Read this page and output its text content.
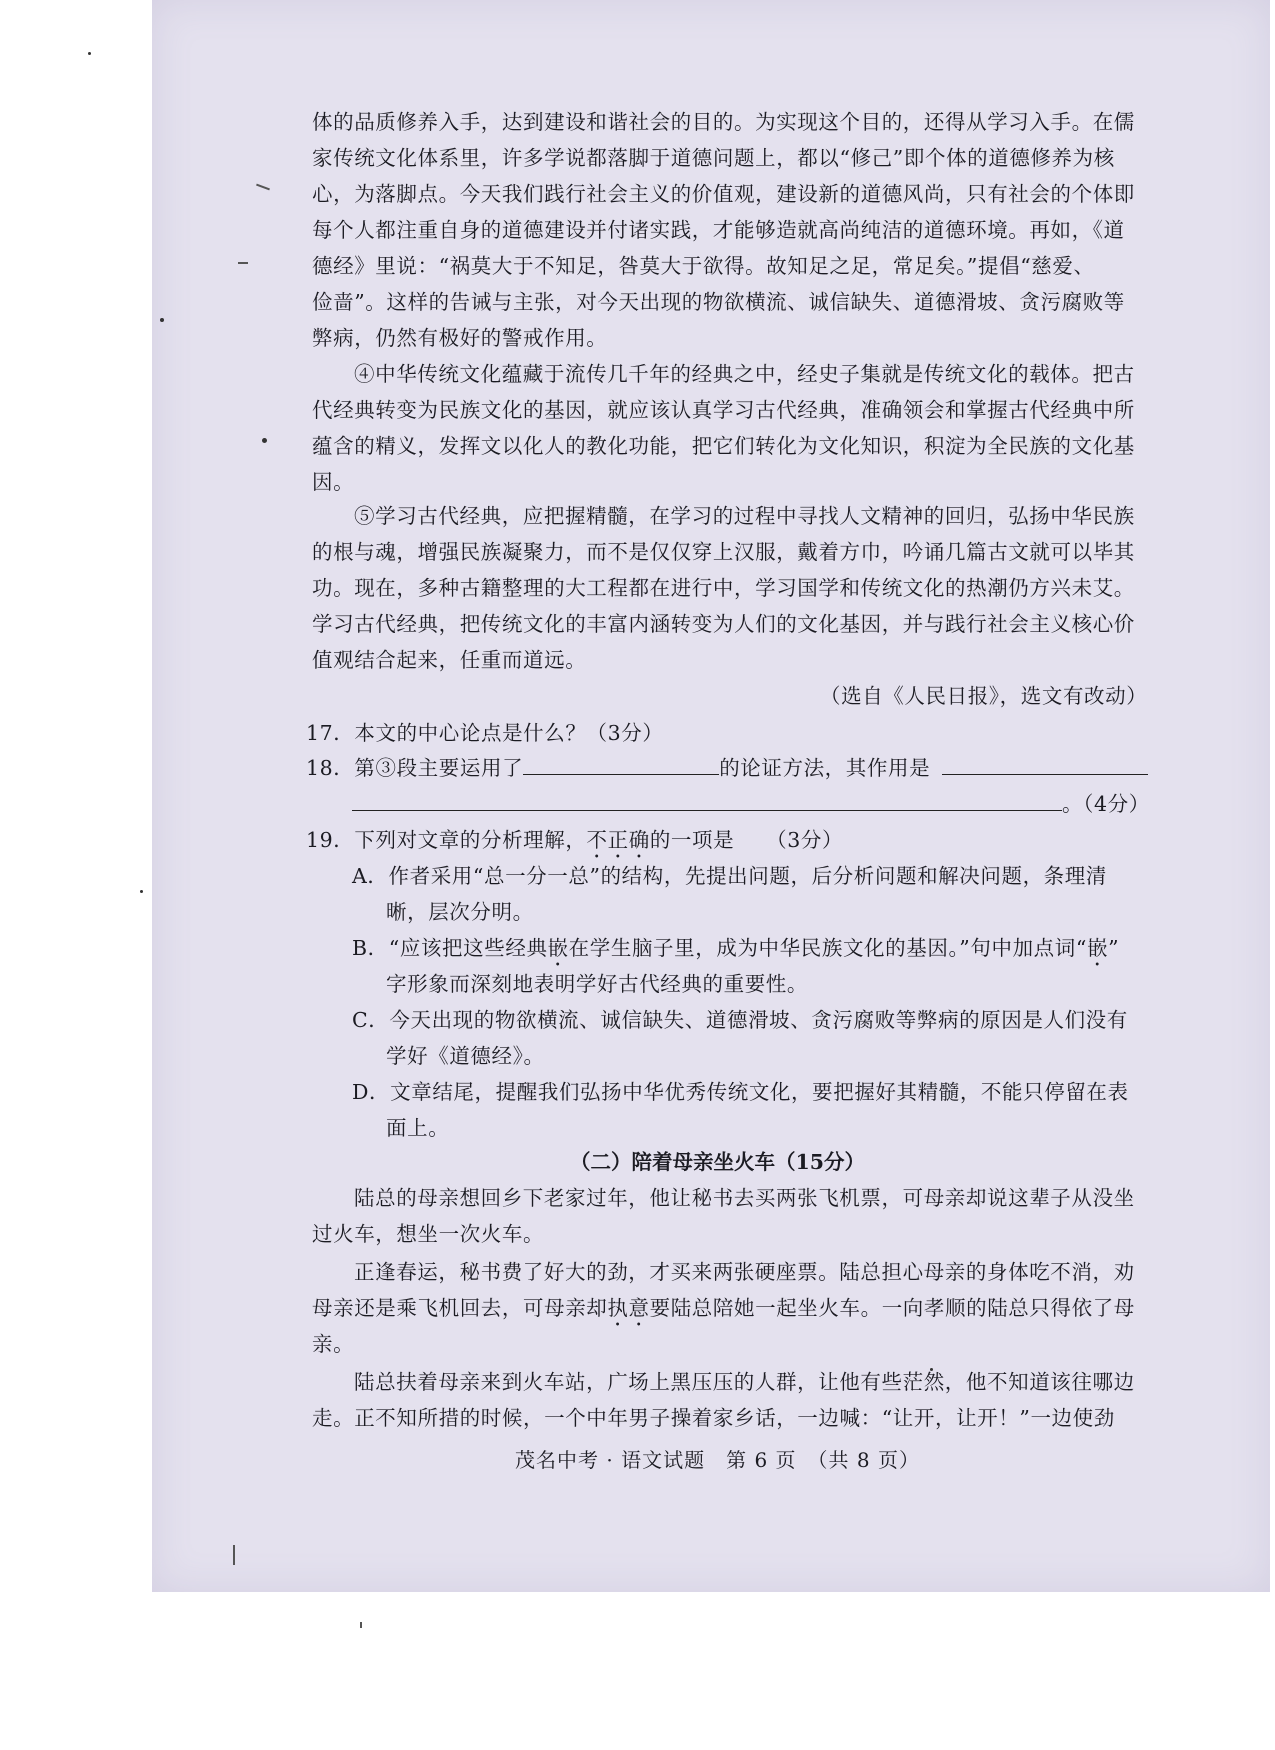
体的品质修养入手，达到建设和谐社会的目的。为实现这个目的，还得从学习入手。在儒
家传统文化体系里，许多学说都落脚于道德问题上，都以“修己”即个体的道德修养为核
心，为落脚点。今天我们践行社会主义的价值观，建设新的道德风尚，只有社会的个体即
每个人都注重自身的道德建设并付诸实践，才能够造就高尚纯洁的道德环境。再如，《道
德经》里说：“祸莫大于不知足，咎莫大于欲得。故知足之足，常足矣。”提倡“慈爱、
俭啬”。这样的告诫与主张，对今天出现的物欲横流、诚信缺失、道德滑坡、贪污腐败等
弊病，仍然有极好的警戒作用。
④中华传统文化蕴藏于流传几千年的经典之中，经史子集就是传统文化的载体。把古
代经典转变为民族文化的基因，就应该认真学习古代经典，准确领会和掌握古代经典中所
蕴含的精义，发挥文以化人的教化功能，把它们转化为文化知识，积淀为全民族的文化基
因。
⑤学习古代经典，应把握精髓，在学习的过程中寻找人文精神的回归，弘扬中华民族
的根与魂，增强民族凝聚力，而不是仅仅穿上汉服，戴着方巾，吟诵几篇古文就可以毕其
功。现在，多种古籍整理的大工程都在进行中，学习国学和传统文化的热潮仍方兴未艾。
学习古代经典，把传统文化的丰富内涵转变为人们的文化基因，并与践行社会主义核心价
值观结合起来，任重而道远。
（选自《人民日报》，选文有改动）
17．本文的中心论点是什么？（3分）
18．第③段主要运用了	的论证方法，其作用是
。（4分）
19．下列对文章的分析理解，不正确的一项是　　（3分）
A．作者采用“总一分一总”的结构，先提出问题，后分析问题和解决问题，条理清
晰，层次分明。
B．“应该把这些经典嵌在学生脑子里，成为中华民族文化的基因。”句中加点词“嵌”
字形象而深刻地表明学好古代经典的重要性。
C．今天出现的物欲横流、诚信缺失、道德滑坡、贪污腐败等弊病的原因是人们没有
学好《道德经》。
D．文章结尾，提醒我们弘扬中华优秀传统文化，要把握好其精髓，不能只停留在表
面上。
（二）陪着母亲坐火车（15分）
陆总的母亲想回乡下老家过年，他让秘书去买两张飞机票，可母亲却说这辈子从没坐
过火车，想坐一次火车。
正逢春运，秘书费了好大的劲，才买来两张硬座票。陆总担心母亲的身体吃不消，劝
母亲还是乘飞机回去，可母亲却执意要陆总陪她一起坐火车。一向孝顺的陆总只得依了母
亲。
陆总扶着母亲来到火车站，广场上黑压压的人群，让他有些茫然，他不知道该往哪边
走。正不知所措的时候，一个中年男子操着家乡话，一边喊：“让开，让开！”一边使劲
茂名中考 · 语文试题　第 6 页　（共 8 页）
